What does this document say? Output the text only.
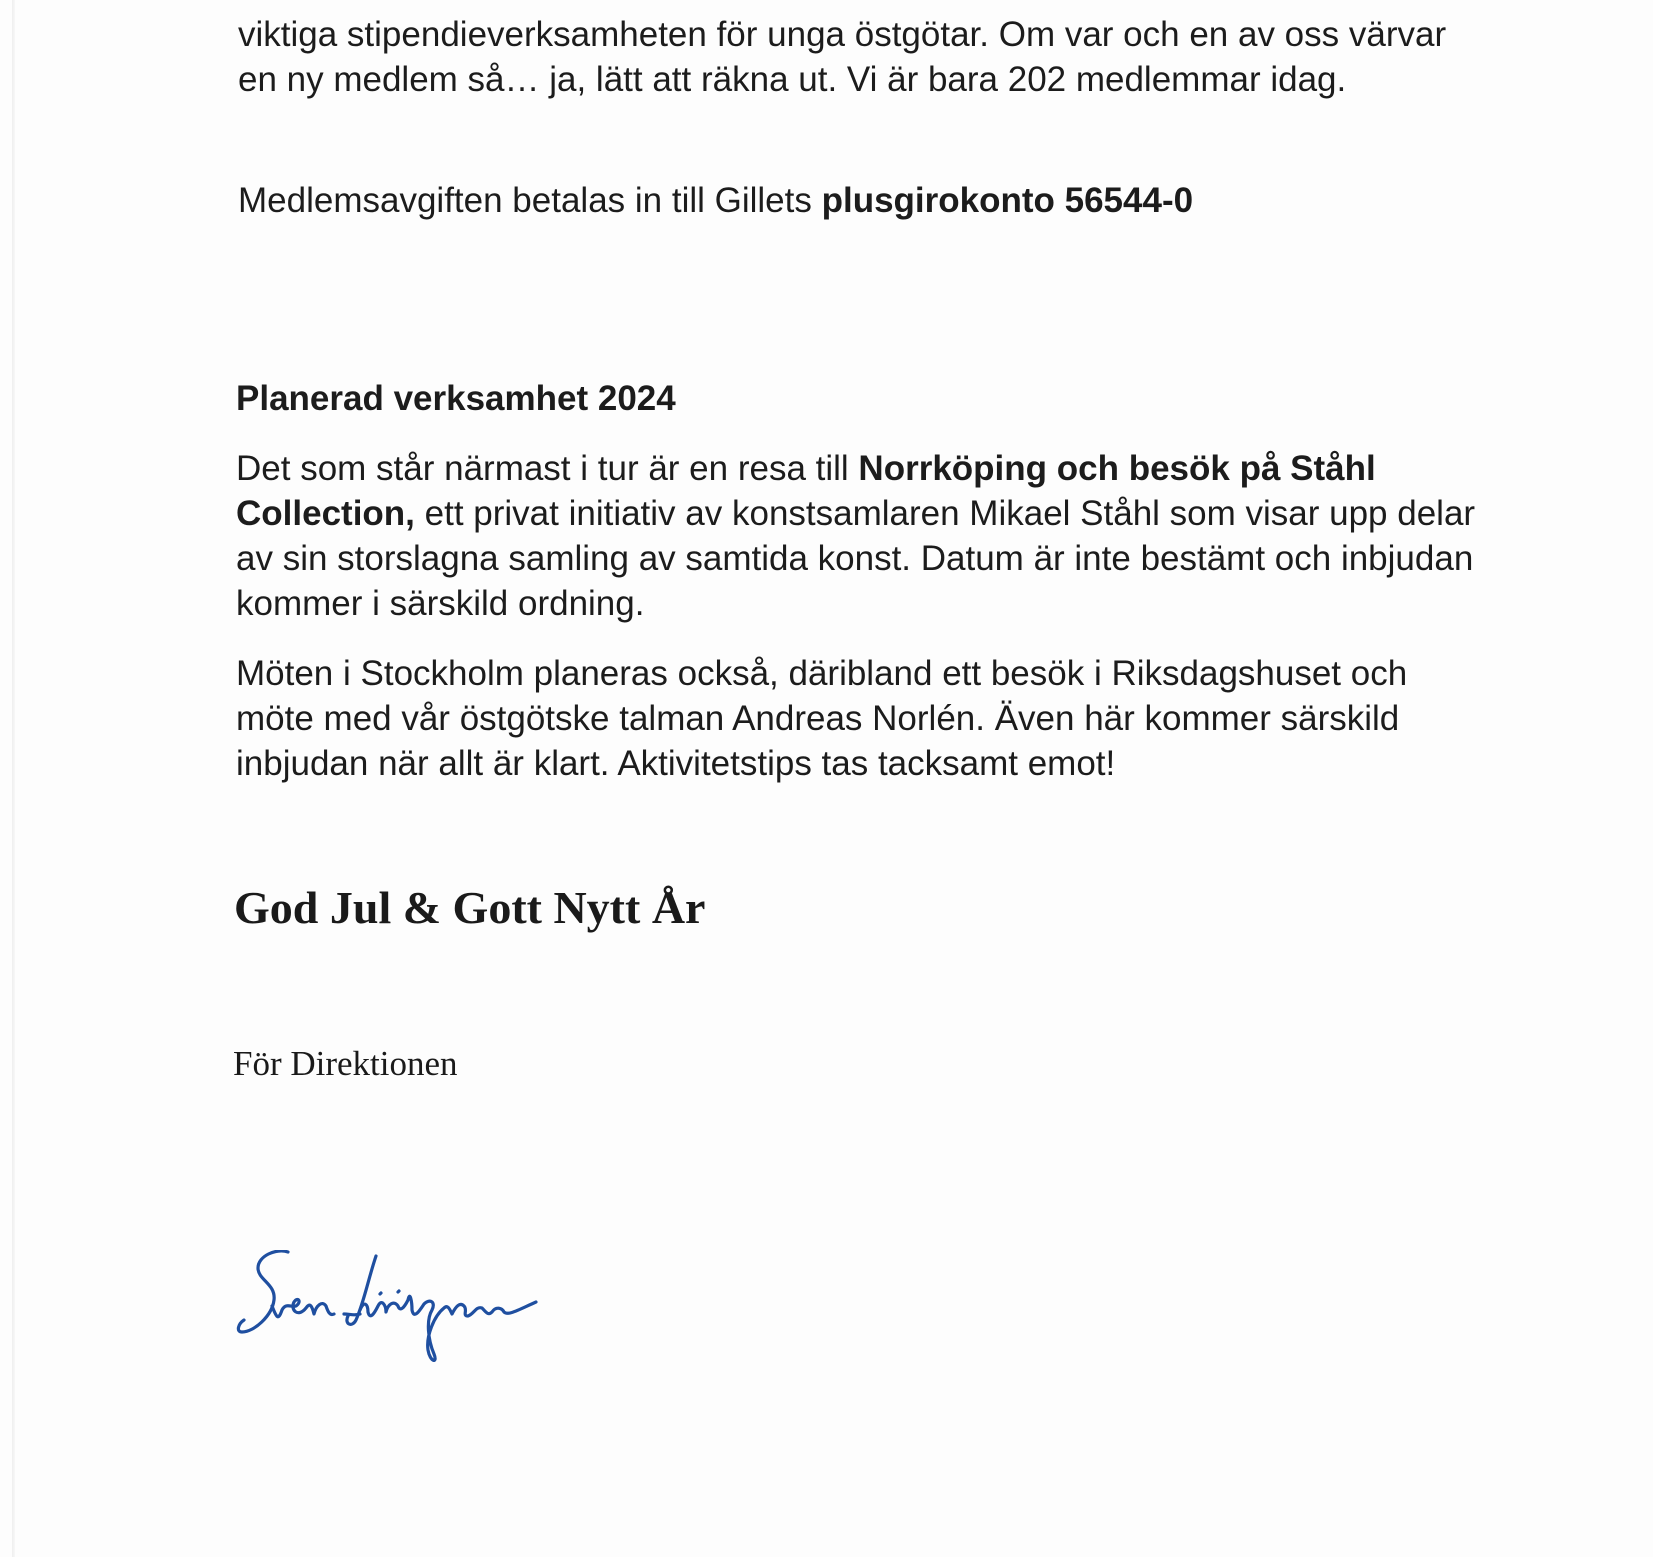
viktiga stipendieverksamheten för unga östgötar. Om var och en av oss värvar en ny medlem så… ja, lätt att räkna ut. Vi är bara 202 medlemmar idag.

Medlemsavgiften betalas in till Gillets plusgirokonto 56544-0

Planerad verksamhet 2024

Det som står närmast i tur är en resa till Norrköping och besök på Ståhl Collection, ett privat initiativ av konstsamlaren Mikael Ståhl som visar upp delar av sin storslagna samling av samtida konst. Datum är inte bestämt och inbjudan kommer i särskild ordning.

Möten i Stockholm planeras också, däribland ett besök i Riksdagshuset och möte med vår östgötske talman Andreas Norlén. Även här kommer särskild inbjudan när allt är klart. Aktivitetstips tas tacksamt emot!

God Jul & Gott Nytt År

För Direktionen
